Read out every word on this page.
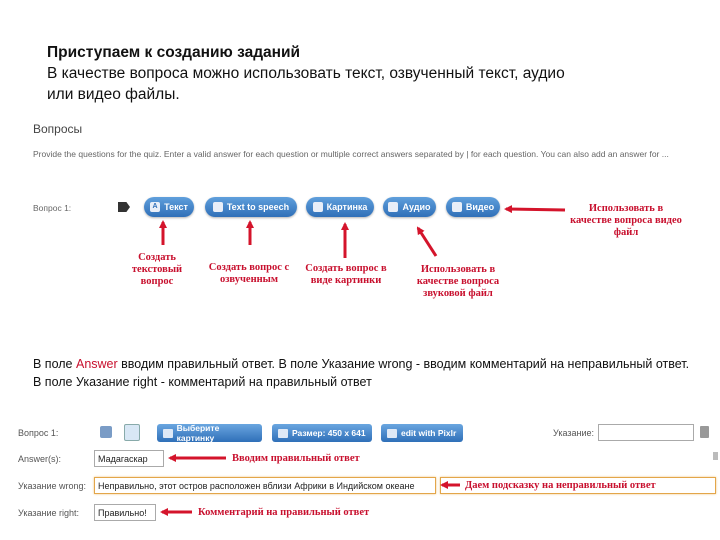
Приступаем к созданию заданий
В качестве вопроса можно использовать текст, озвученный текст, аудио
или видео файлы.
Вопросы
Provide the questions for the quiz. Enter a valid answer for each question or multiple correct answers separated by | for each question. You can also add an answer for ...
Вопрос 1:	A Текст	Text to speech	Картинка	Аудио	Видео
Создать текстовый вопрос
Создать вопрос с озвученным
Создать вопрос в виде картинки
Использовать в качестве вопроса звуковой файл
Использовать в качестве вопроса видео файл
В поле Answer вводим правильный ответ. В поле Указание wrong - вводим комментарий на неправильный ответ. В поле Указание right - комментарий на правильный ответ
Вопрос 1:	Выберите картинку	Размер: 450 x 641	edit with Pixlr	Указание:
Answer(s):	Мадагаскар	Вводим правильный ответ
Указание wrong:	Неправильно, этот остров расположен вблизи Африки в Индийском океане	Даем подсказку на неправильный ответ
Указание right:	Правильно!	Комментарий на правильный ответ
